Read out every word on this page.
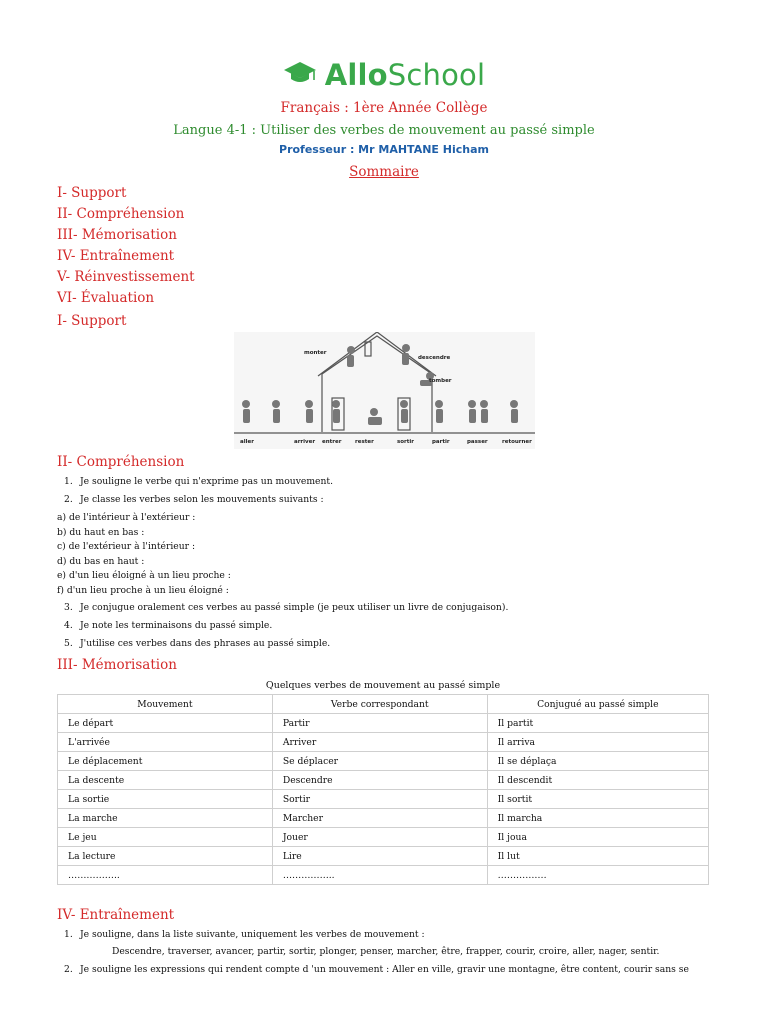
AlloSchool
Français : 1ère Année Collège
Langue 4-1 : Utiliser des verbes de mouvement au passé simple
Professeur : Mr MAHTANE Hicham
Sommaire
I- Support
II- Compréhension
III- Mémorisation
IV- Entraînement
V- Réinvestissement
VI- Évaluation
I- Support
monter
descendre
tomber
aller	arriver entrer rester	sortir	partir	passer	retourner
II- Compréhension
1. Je souligne le verbe qui n'exprime pas un mouvement.
2. Je classe les verbes selon les mouvements suivants :
a) de l'intérieur à l'extérieur :
b) du haut en bas :
c) de l'extérieur à l'intérieur :
d) du bas en haut :
e) d'un lieu éloigné à un lieu proche :
f) d'un lieu proche à un lieu éloigné :
3. Je conjugue oralement ces verbes au passé simple (je peux utiliser un livre de conjugaison).
4. Je note les terminaisons du passé simple.
5. J'utilise ces verbes dans des phrases au passé simple.
III- Mémorisation
Quelques verbes de mouvement au passé simple
Mouvement	Verbe correspondant	Conjugué au passé simple
Le départ	Partir	Il partit
L'arrivée	Arriver	Il arriva
Le déplacement	Se déplacer	Il se déplaça
La descente	Descendre	Il descendit
La sortie	Sortir	Il sortit
La marche	Marcher	Il marcha
Le jeu	Jouer	Il joua
La lecture	Lire	Il lut
……………..	……………..	…………….
IV- Entraînement
1. Je souligne, dans la liste suivante, uniquement les verbes de mouvement :
Descendre, traverser, avancer, partir, sortir, plonger, penser, marcher, être, frapper, courir, croire, aller, nager, sentir.
2. Je souligne les expressions qui rendent compte d 'un mouvement : Aller en ville, gravir une montagne, être content, courir sans se
